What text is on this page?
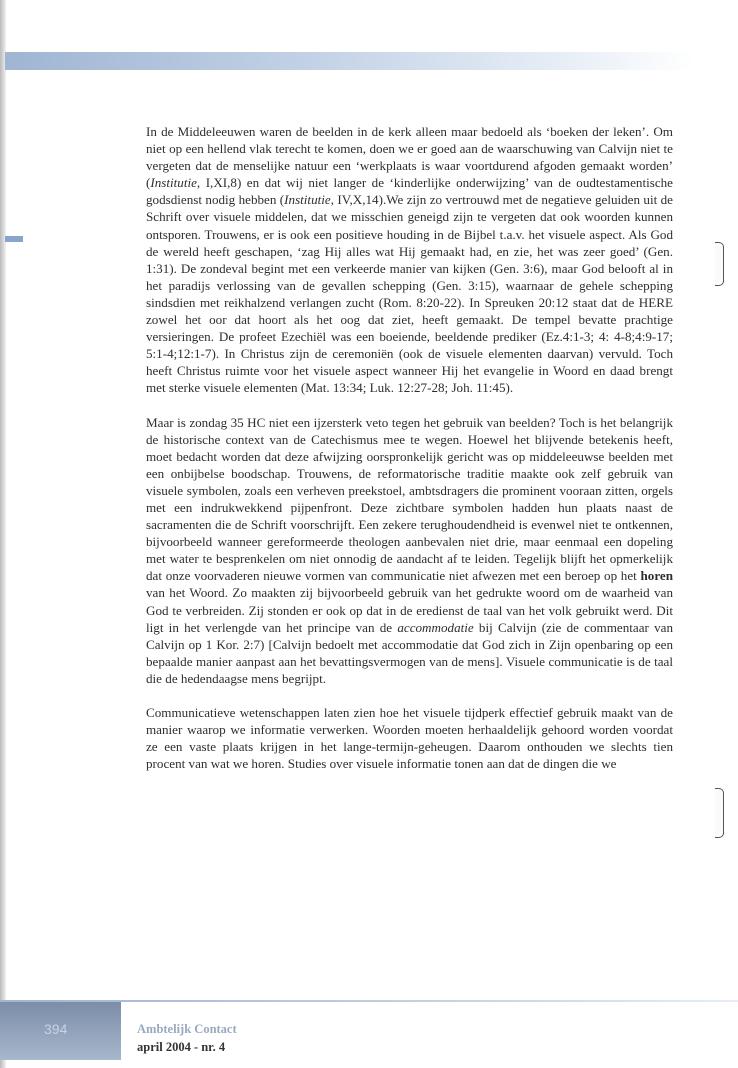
In de Middeleeuwen waren de beelden in de kerk alleen maar bedoeld als ‘boeken der leken’. Om niet op een hellend vlak terecht te komen, doen we er goed aan de waarschuwing van Calvijn niet te vergeten dat de menselijke natuur een ‘werkplaats is waar voortdurend afgoden gemaakt worden’ (Institutie, I,XI,8) en dat wij niet langer de ‘kinderlijke onderwijzing’ van de oudtestamentische godsdienst nodig hebben (Institutie, IV,X,14).We zijn zo vertrouwd met de negatieve geluiden uit de Schrift over visuele middelen, dat we misschien geneigd zijn te vergeten dat ook woorden kunnen ontsporen. Trouwens, er is ook een positieve houding in de Bijbel t.a.v. het visuele aspect. Als God de wereld heeft geschapen, ‘zag Hij alles wat Hij gemaakt had, en zie, het was zeer goed’ (Gen. 1:31). De zondeval begint met een verkeerde manier van kijken (Gen. 3:6), maar God belooft al in het paradijs verlossing van de gevallen schepping (Gen. 3:15), waarnaar de gehele schepping sindsdien met reikhalzend verlangen zucht (Rom. 8:20-22). In Spreuken 20:12 staat dat de HERE zowel het oor dat hoort als het oog dat ziet, heeft gemaakt. De tempel bevatte prachtige versieringen. De profeet Ezechiël was een boeiende, beeldende prediker (Ez.4:1-3; 4: 4-8;4:9-17; 5:1-4;12:1-7). In Christus zijn de ceremoniën (ook de visuele elementen daarvan) vervuld. Toch heeft Christus ruimte voor het visuele aspect wanneer Hij het evangelie in Woord en daad brengt met sterke visuele elementen (Mat. 13:34; Luk. 12:27-28; Joh. 11:45).

Maar is zondag 35 HC niet een ijzersterk veto tegen het gebruik van beelden? Toch is het belangrijk de historische context van de Catechismus mee te wegen. Hoewel het blijvende betekenis heeft, moet bedacht worden dat deze afwijzing oorspronkelijk gericht was op middeleeuwse beelden met een onbijbelse boodschap. Trouwens, de reformatorische traditie maakte ook zelf gebruik van visuele symbolen, zoals een verheven preekstoel, ambtsdragers die prominent vooraan zitten, orgels met een indrukwekkend pijpenfront. Deze zichtbare symbolen hadden hun plaats naast de sacramenten die de Schrift voorschrijft. Een zekere terughoudendheid is evenwel niet te ontkennen, bijvoorbeeld wanneer gereformeerde theologen aanbevalen niet drie, maar eenmaal een dopeling met water te besprenkelen om niet onnodig de aandacht af te leiden. Tegelijk blijft het opmerkelijk dat onze voorvaderen nieuwe vormen van communicatie niet afwezen met een beroep op het horen van het Woord. Zo maakten zij bijvoorbeeld gebruik van het gedrukte woord om de waarheid van God te verbreiden. Zij stonden er ook op dat in de eredienst de taal van het volk gebruikt werd. Dit ligt in het verlengde van het principe van de accommodatie bij Calvijn (zie de commentaar van Calvijn op 1 Kor. 2:7) [Calvijn bedoelt met accommodatie dat God zich in Zijn openbaring op een bepaalde manier aanpast aan het bevattingsvermogen van de mens]. Visuele communicatie is de taal die de hedendaagse mens begrijpt.

Communicatieve wetenschappen laten zien hoe het visuele tijdperk effectief gebruik maakt van de manier waarop we informatie verwerken. Woorden moeten herhaaldelijk gehoord worden voordat ze een vaste plaats krijgen in het lange-termijn-geheugen. Daarom onthouden we slechts tien procent van wat we horen. Studies over visuele informatie tonen aan dat de dingen die we

394	Ambtelijk Contact
april 2004 - nr. 4
